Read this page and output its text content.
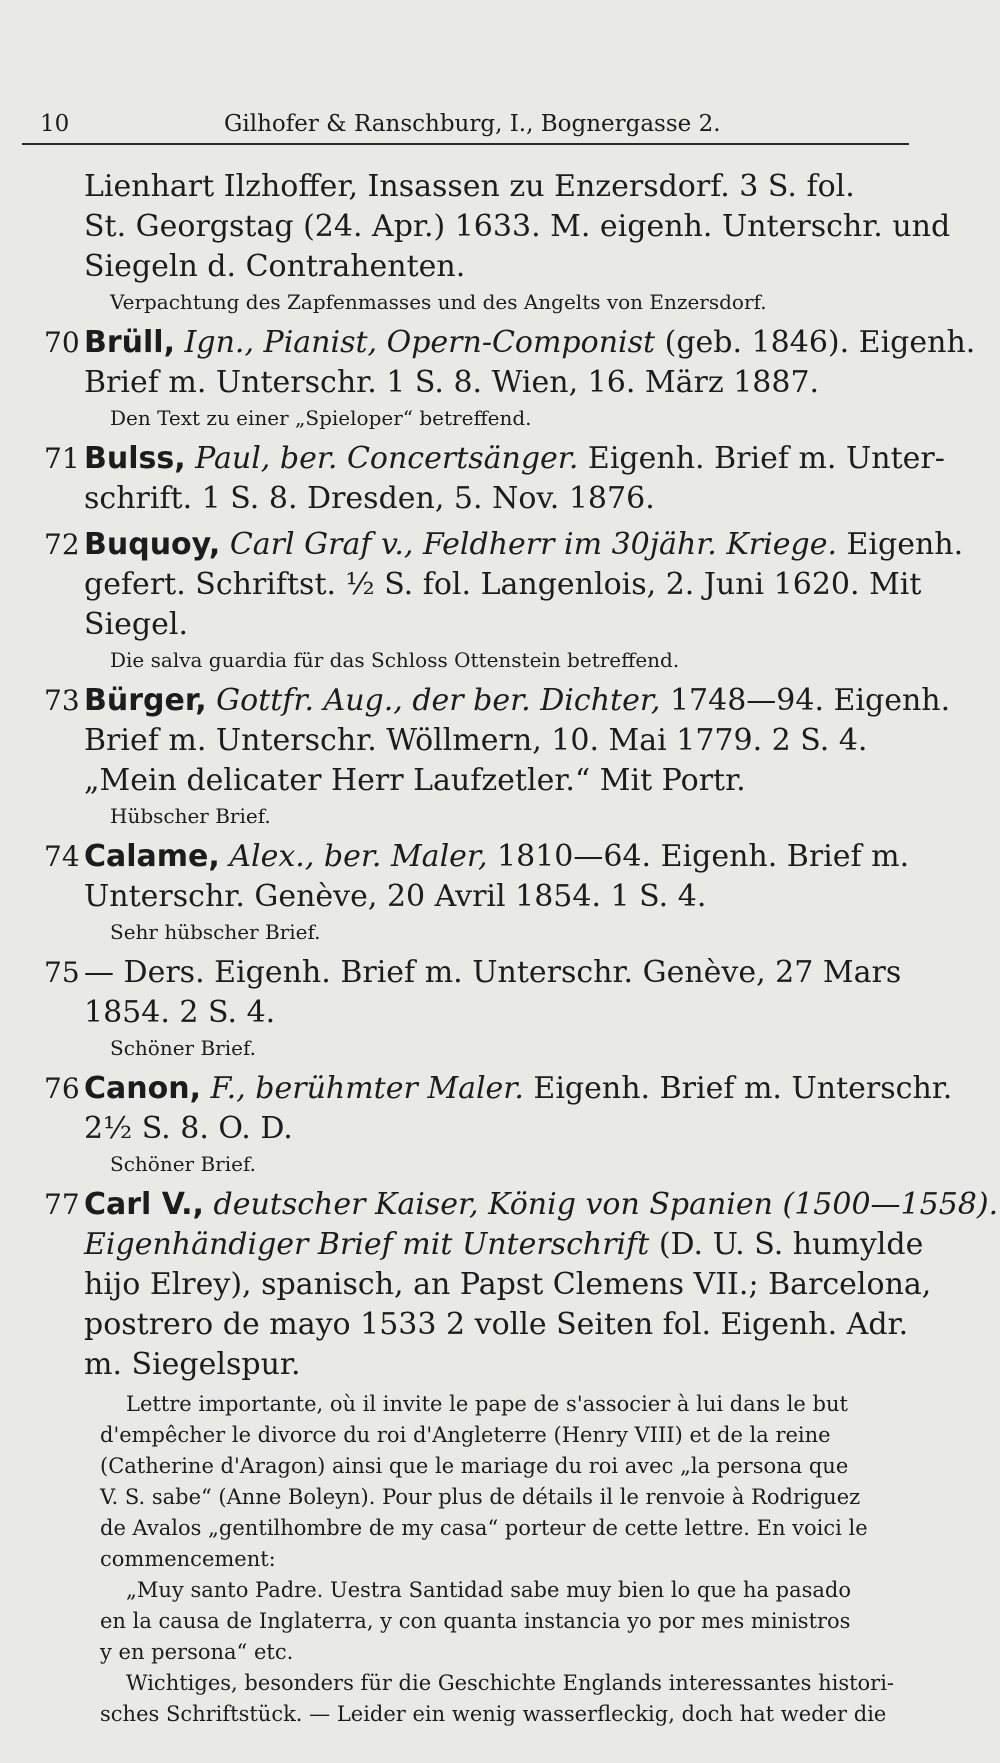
10	Gilhofer & Ranschburg, I., Bognergasse 2.
Lienhart Ilzhoffer, Insassen zu Enzersdorf. 3 S. fol.
St. Georgstag (24. Apr.) 1633. M. eigenh. Unterschr. und
Siegeln d. Contrahenten.
Verpachtung des Zapfenmasses und des Angelts von Enzersdorf.
70 Brüll, Ign., Pianist, Opern-Componist (geb. 1846). Eigenh.
Brief m. Unterschr. 1 S. 8. Wien, 16. März 1887.
Den Text zu einer „Spieloper“ betreffend.
71 Bulss, Paul, ber. Concertsänger. Eigenh. Brief m. Unter-
schrift. 1 S. 8. Dresden, 5. Nov. 1876.
72 Buquoy, Carl Graf v., Feldherr im 30jähr. Kriege. Eigenh.
gefert. Schriftst. ½ S. fol. Langenlois, 2. Juni 1620. Mit
Siegel.
Die salva guardia für das Schloss Ottenstein betreffend.
73 Bürger, Gottfr. Aug., der ber. Dichter, 1748—94. Eigenh.
Brief m. Unterschr. Wöllmern, 10. Mai 1779. 2 S. 4.
„Mein delicater Herr Laufzetler.“ Mit Portr.
Hübscher Brief.
74 Calame, Alex., ber. Maler, 1810—64. Eigenh. Brief m.
Unterschr. Genève, 20 Avril 1854. 1 S. 4.
Sehr hübscher Brief.
75 — Ders. Eigenh. Brief m. Unterschr. Genève, 27 Mars
1854. 2 S. 4.
Schöner Brief.
76 Canon, F., berühmter Maler. Eigenh. Brief m. Unterschr.
2½ S. 8. O. D.
Schöner Brief.
77 Carl V., deutscher Kaiser, König von Spanien (1500—1558).
Eigenhändiger Brief mit Unterschrift (D. U. S. humylde
hijo Elrey), spanisch, an Papst Clemens VII.; Barcelona,
postrero de mayo 1533 2 volle Seiten fol. Eigenh. Adr.
m. Siegelspur.
Lettre importante, où il invite le pape de s'associer à lui dans le but
d'empêcher le divorce du roi d'Angleterre (Henry VIII) et de la reine
(Catherine d'Aragon) ainsi que le mariage du roi avec „la persona que
V. S. sabe“ (Anne Boleyn). Pour plus de détails il le renvoie à Rodriguez
de Avalos „gentilhombre de my casa“ porteur de cette lettre. En voici le
commencement:
„Muy santo Padre. Uestra Santidad sabe muy bien lo que ha pasado
en la causa de Inglaterra, y con quanta instancia yo por mes ministros
y en persona“ etc.
Wichtiges, besonders für die Geschichte Englands interessantes histori-
sches Schriftstück. — Leider ein wenig wasserfleckig, doch hat weder die
